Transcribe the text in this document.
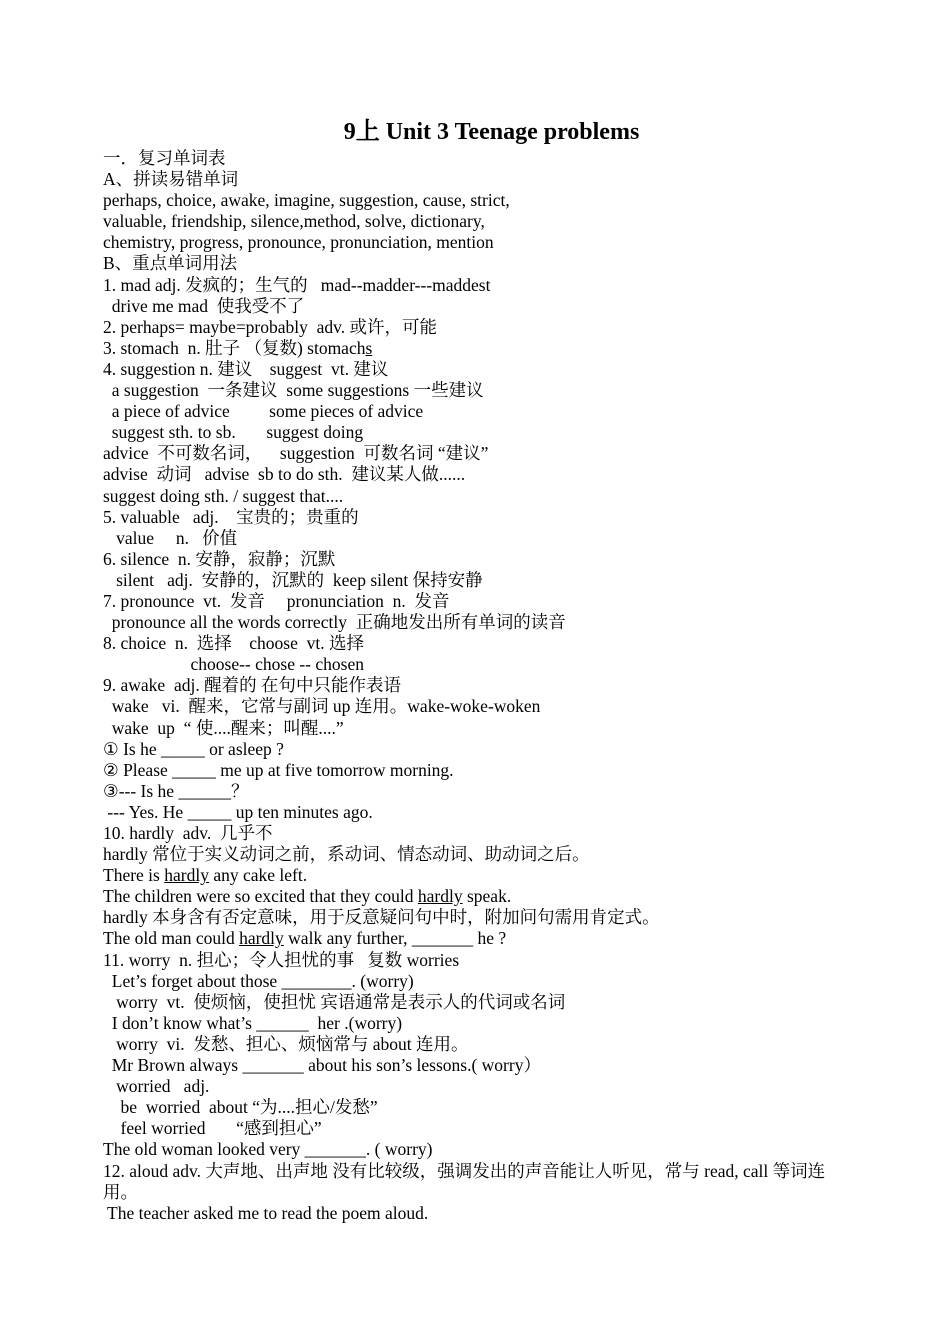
9上 Unit 3 Teenage problems

一．复习单词表

A、拼读易错单词

perhaps, choice, awake, imagine, suggestion, cause, strict,

valuable, friendship, silence,method, solve, dictionary,

chemistry, progress, pronounce, pronunciation, mention

B、重点单词用法

1. mad adj. 发疯的；生气的   mad--madder---maddest

drive me mad  使我受不了

2. perhaps= maybe=probably  adv. 或许，可能

3. stomach  n. 肚子 （复数) stomachs

4. suggestion n. 建议    suggest  vt. 建议

a suggestion  一条建议  some suggestions 一些建议

a piece of advice         some pieces of advice

suggest sth. to sb.       suggest doing

advice  不可数名词，    suggestion  可数名词 “建议”

advise  动词   advise  sb to do sth.  建议某人做......

suggest doing sth. / suggest that....

5. valuable   adj.    宝贵的；贵重的

value     n.   价值

6. silence  n. 安静，寂静；沉默

silent   adj.  安静的，沉默的  keep silent 保持安静

7. pronounce  vt.  发音     pronunciation  n.  发音

pronounce all the words correctly  正确地发出所有单词的读音

8. choice  n.  选择    choose  vt. 选择

choose-- chose -- chosen

9. awake  adj. 醒着的 在句中只能作表语

wake   vi.  醒来，它常与副词 up 连用。wake-woke-woken

wake  up  “ 使....醒来；叫醒....”

① Is he _____ or asleep ?

② Please _____ me up at five tomorrow morning.

③--- Is he ______？

--- Yes. He _____ up ten minutes ago.

10. hardly  adv.  几乎不

hardly 常位于实义动词之前，系动词、情态动词、助动词之后。

There is hardly any cake left.

The children were so excited that they could hardly speak.

hardly 本身含有否定意味，用于反意疑问句中时，附加问句需用肯定式。

The old man could hardly walk any further, _______ he ?

11. worry  n. 担心；令人担忧的事   复数 worries

Let’s forget about those ________. (worry)

worry  vt.  使烦恼，使担忧 宾语通常是表示人的代词或名词

I don’t know what’s ______  her .(worry)

worry  vi.  发愁、担心、烦恼常与 about 连用。

Mr Brown always _______ about his son’s lessons.( worry）

worried   adj.

be  worried  about “为....担心/发愁”

feel worried       “感到担心”

The old woman looked very _______. ( worry)

12. aloud adv. 大声地、出声地 没有比较级，强调发出的声音能让人听见，常与 read, call 等词连用。

The teacher asked me to read the poem aloud.
